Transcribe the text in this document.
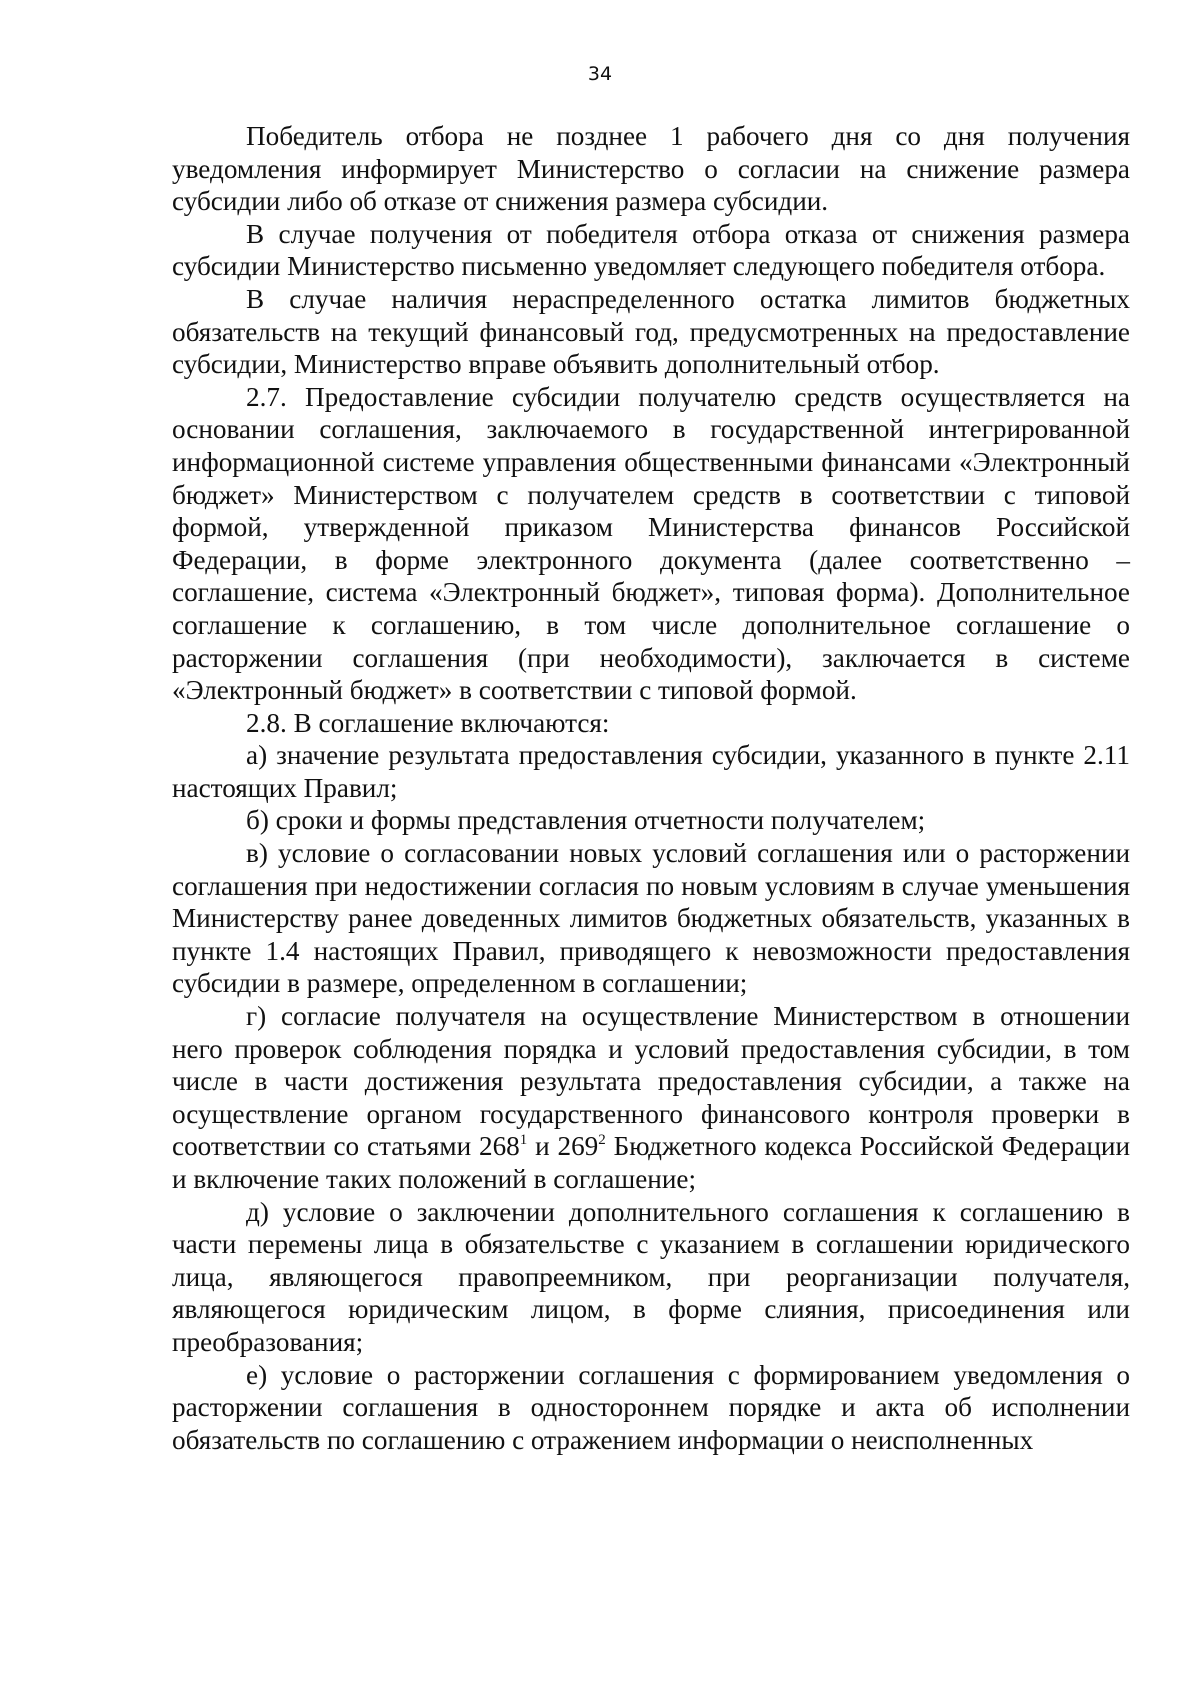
34

Победитель отбора не позднее 1 рабочего дня со дня получения уведомления информирует Министерство о согласии на снижение размера субсидии либо об отказе от снижения размера субсидии.

В случае получения от победителя отбора отказа от снижения размера субсидии Министерство письменно уведомляет следующего победителя отбора.

В случае наличия нераспределенного остатка лимитов бюджетных обязательств на текущий финансовый год, предусмотренных на предоставление субсидии, Министерство вправе объявить дополнительный отбор.

2.7. Предоставление субсидии получателю средств осуществляется на основании соглашения, заключаемого в государственной интегрированной информационной системе управления общественными финансами «Электронный бюджет» Министерством с получателем средств в соответствии с типовой формой, утвержденной приказом Министерства финансов Российской Федерации, в форме электронного документа (далее соответственно – соглашение, система «Электронный бюджет», типовая форма). Дополнительное соглашение к соглашению, в том числе дополнительное соглашение о расторжении соглашения (при необходимости), заключается в системе «Электронный бюджет» в соответствии с типовой формой.

2.8. В соглашение включаются:

а) значение результата предоставления субсидии, указанного в пункте 2.11 настоящих Правил;

б) сроки и формы представления отчетности получателем;

в) условие о согласовании новых условий соглашения или о расторжении соглашения при недостижении согласия по новым условиям в случае уменьшения Министерству ранее доведенных лимитов бюджетных обязательств, указанных в пункте 1.4 настоящих Правил, приводящего к невозможности предоставления субсидии в размере, определенном в соглашении;

г) согласие получателя на осуществление Министерством в отношении него проверок соблюдения порядка и условий предоставления субсидии, в том числе в части достижения результата предоставления субсидии, а также на осуществление органом государственного финансового контроля проверки в соответствии со статьями $268^1$ и $269^2$ Бюджетного кодекса Российской Федерации и включение таких положений в соглашение;

д) условие о заключении дополнительного соглашения к соглашению в части перемены лица в обязательстве с указанием в соглашении юридического лица, являющегося правопреемником, при реорганизации получателя, являющегося юридическим лицом, в форме слияния, присоединения или преобразования;

е) условие о расторжении соглашения с формированием уведомления о расторжении соглашения в одностороннем порядке и акта об исполнении обязательств по соглашению с отражением информации о неисполненных
